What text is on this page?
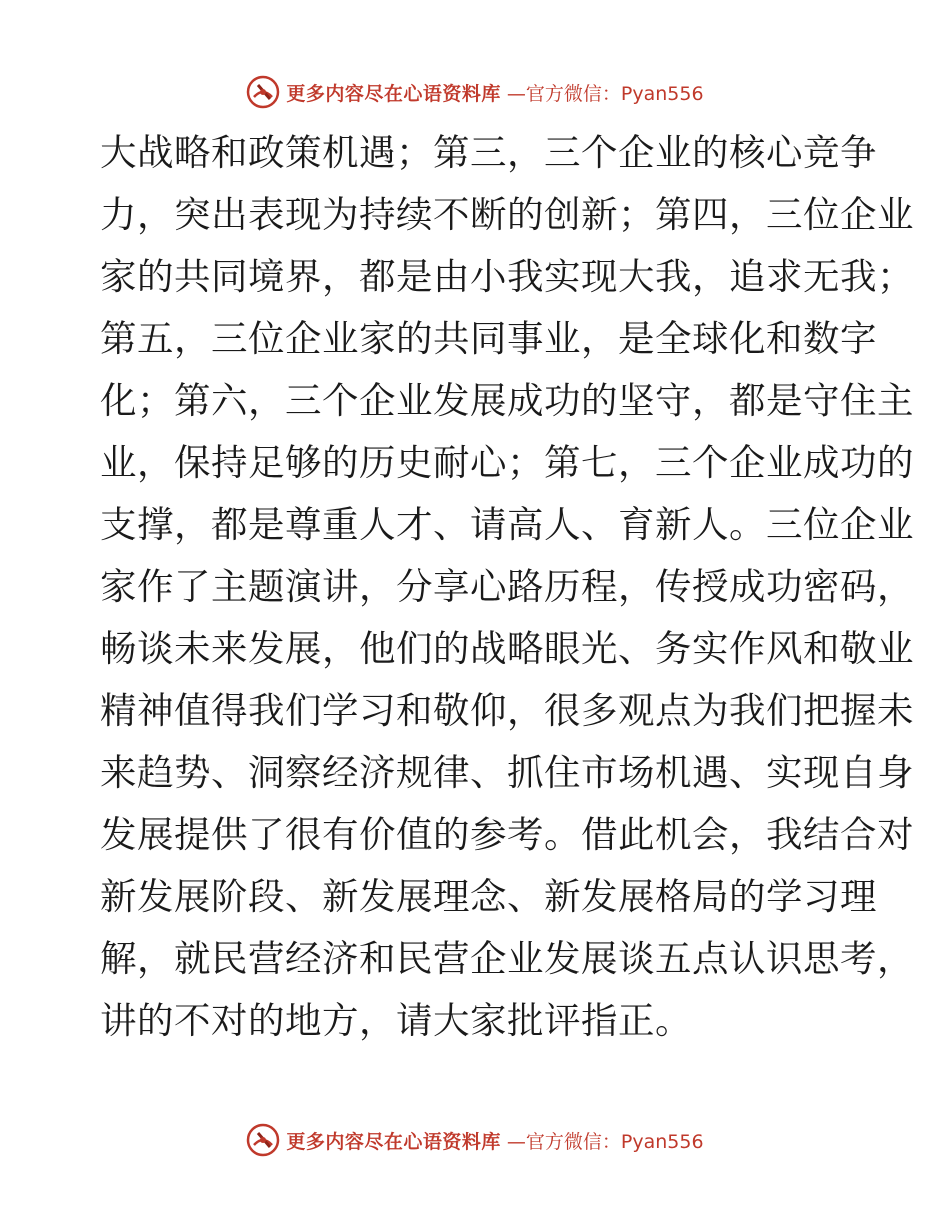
更多内容尽在心语资料库 —官方微信：Pyan556
大战略和政策机遇；第三，三个企业的核心竞争
力，突出表现为持续不断的创新；第四，三位企业
家的共同境界，都是由小我实现大我，追求无我；
第五，三位企业家的共同事业，是全球化和数字
化；第六，三个企业发展成功的坚守，都是守住主
业，保持足够的历史耐心；第七，三个企业成功的
支撑，都是尊重人才、请高人、育新人。三位企业
家作了主题演讲，分享心路历程，传授成功密码，
畅谈未来发展，他们的战略眼光、务实作风和敬业
精神值得我们学习和敬仰，很多观点为我们把握未
来趋势、洞察经济规律、抓住市场机遇、实现自身
发展提供了很有价值的参考。借此机会，我结合对
新发展阶段、新发展理念、新发展格局的学习理
解，就民营经济和民营企业发展谈五点认识思考，
讲的不对的地方，请大家批评指正。
更多内容尽在心语资料库 —官方微信：Pyan556
